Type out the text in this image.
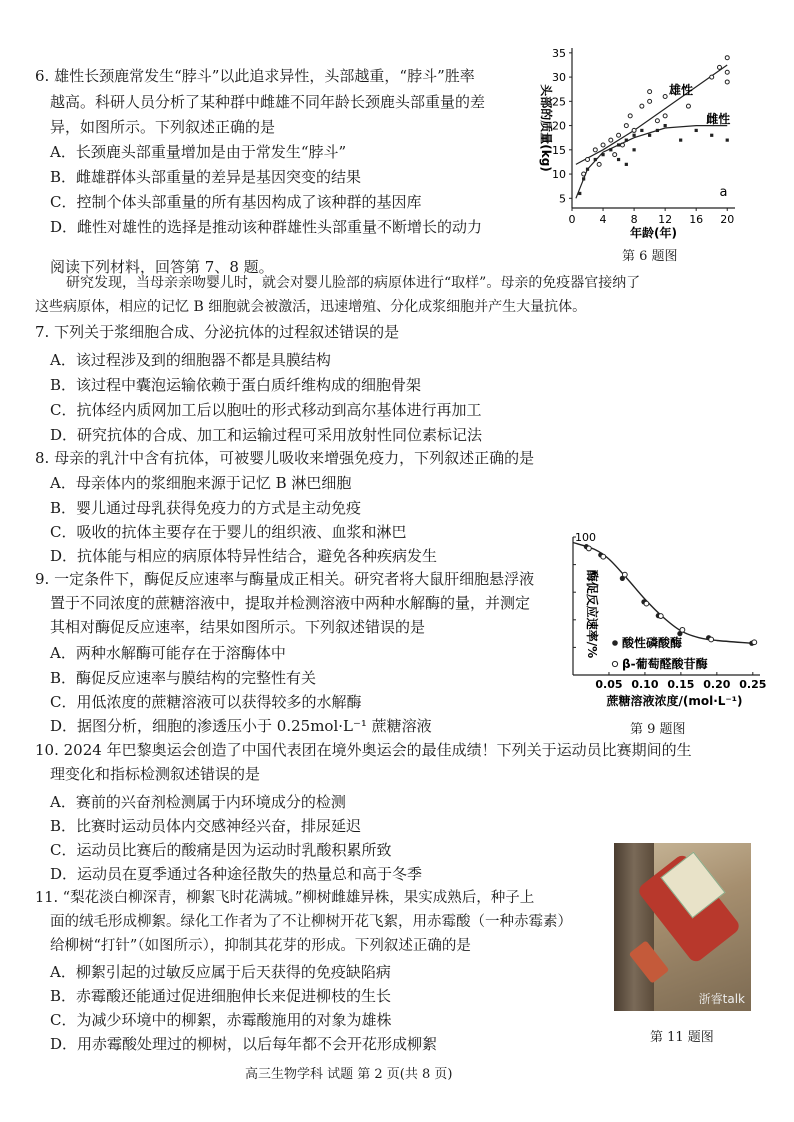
6. 雄性长颈鹿常发生“脖斗”以此追求异性，头部越重，“脖斗”胜率
越高。科研人员分析了某种群中雌雄不同年龄长颈鹿头部重量的差
异，如图所示。下列叙述正确的是
A．长颈鹿头部重量增加是由于常发生“脖斗”
B．雌雄群体头部重量的差异是基因突变的结果
C．控制个体头部重量的所有基因构成了该种群的基因库
D．雌性对雄性的选择是推动该种群雄性头部重量不断增长的动力
5
10
15
20
25
30
35
0 4 8 12 16 20
年龄(年)
头部的质量(kg)
a
雄性
雌性
第 6 题图
阅读下列材料，回答第 7、8 题。
研究发现，当母亲亲吻婴儿时，就会对婴儿脸部的病原体进行“取样”。母亲的免疫器官接纳了
这些病原体，相应的记忆 B 细胞就会被激活，迅速增殖、分化成浆细胞并产生大量抗体。
7. 下列关于浆细胞合成、分泌抗体的过程叙述错误的是
A．该过程涉及到的细胞器不都是具膜结构
B．该过程中囊泡运输依赖于蛋白质纤维构成的细胞骨架
C．抗体经内质网加工后以胞吐的形式移动到高尔基体进行再加工
D．研究抗体的合成、加工和运输过程可采用放射性同位素标记法
8. 母亲的乳汁中含有抗体，可被婴儿吸收来增强免疫力，下列叙述正确的是
A．母亲体内的浆细胞来源于记忆 B 淋巴细胞
B．婴儿通过母乳获得免疫力的方式是主动免疫
C．吸收的抗体主要存在于婴儿的组织液、血浆和淋巴
D．抗体能与相应的病原体特异性结合，避免各种疾病发生
9. 一定条件下，酶促反应速率与酶量成正相关。研究者将大鼠肝细胞悬浮液
置于不同浓度的蔗糖溶液中，提取并检测溶液中两种水解酶的量，并测定
其相对酶促反应速率，结果如图所示。下列叙述错误的是
A．两种水解酶可能存在于溶酶体中
B．酶促反应速率与膜结构的完整性有关
C．用低浓度的蔗糖溶液可以获得较多的水解酶
D．据图分析，细胞的渗透压小于 0.25mol·L⁻¹ 蔗糖溶液
100
0.05 0.10 0.15 0.20 0.25
蔗糖溶液浓度/(mol·L⁻¹)
酶促反应速率/% 酸性磷酸酶
β-葡萄醛酸苷酶
第 9 题图
10. 2024 年巴黎奥运会创造了中国代表团在境外奥运会的最佳成绩！下列关于运动员比赛期间的生
理变化和指标检测叙述错误的是
A．赛前的兴奋剂检测属于内环境成分的检测
B．比赛时运动员体内交感神经兴奋，排尿延迟
C．运动员比赛后的酸痛是因为运动时乳酸积累所致
D．运动员在夏季通过各种途径散失的热量总和高于冬季
11. “梨花淡白柳深青，柳絮飞时花满城。”柳树雌雄异株，果实成熟后，种子上
面的绒毛形成柳絮。绿化工作者为了不让柳树开花飞絮，用赤霉酸（一种赤霉素）
给柳树“打针”（如图所示），抑制其花芽的形成。下列叙述正确的是
A．柳絮引起的过敏反应属于后天获得的免疫缺陷病
B．赤霉酸还能通过促进细胞伸长来促进柳枝的生长
C．为减少环境中的柳絮，赤霉酸施用的对象为雄株
D．用赤霉酸处理过的柳树，以后每年都不会开花形成柳絮
浙睿talk
第 11 题图
高三生物学科 试题 第 2 页(共 8 页)
